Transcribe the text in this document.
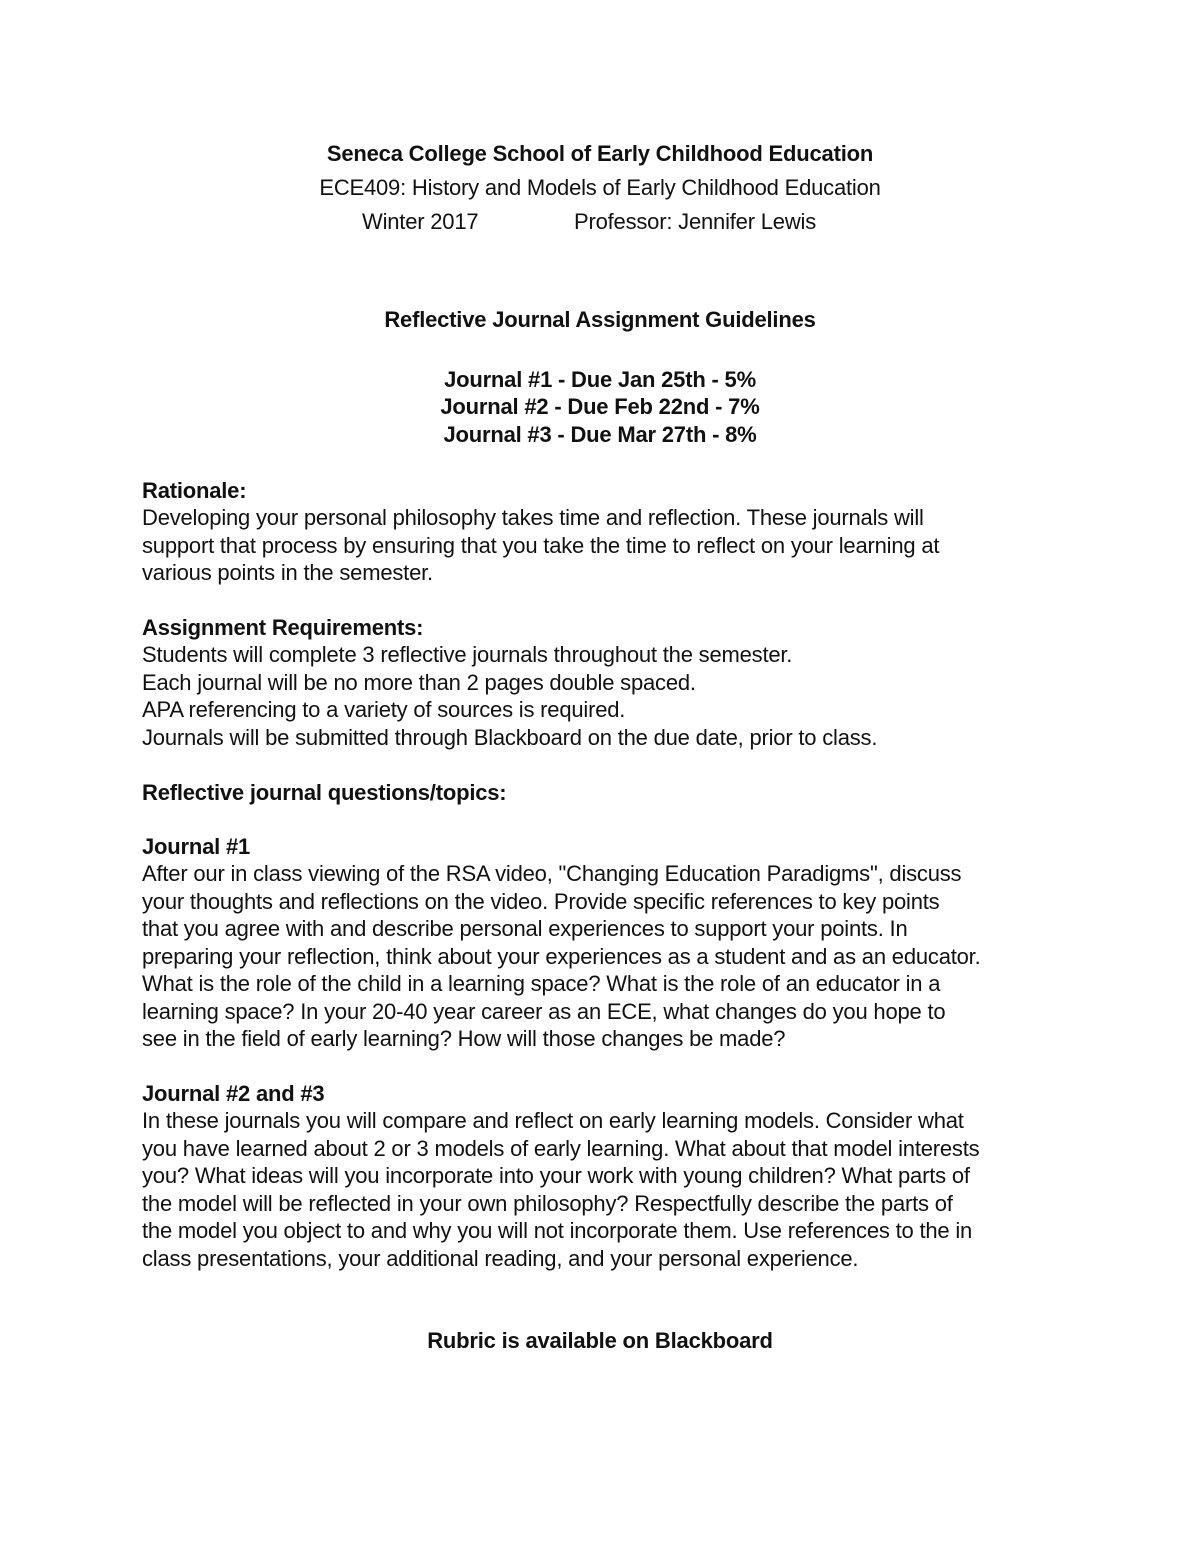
Seneca College School of Early Childhood Education
ECE409: History and Models of Early Childhood Education
Winter 2017	Professor: Jennifer Lewis
Reflective Journal Assignment Guidelines
Journal #1 - Due Jan 25th - 5%
Journal #2 - Due Feb 22nd - 7%
Journal #3 - Due Mar 27th - 8%
Rationale:
Developing your personal philosophy takes time and reflection. These journals will
support that process by ensuring that you take the time to reflect on your learning at
various points in the semester.
Assignment Requirements:
Students will complete 3 reflective journals throughout the semester.
Each journal will be no more than 2 pages double spaced.
APA referencing to a variety of sources is required.
Journals will be submitted through Blackboard on the due date, prior to class.
Reflective journal questions/topics:
Journal #1
After our in class viewing of the RSA video, "Changing Education Paradigms", discuss
your thoughts and reflections on the video. Provide specific references to key points
that you agree with and describe personal experiences to support your points. In
preparing your reflection, think about your experiences as a student and as an educator.
What is the role of the child in a learning space? What is the role of an educator in a
learning space? In your 20-40 year career as an ECE, what changes do you hope to
see in the field of early learning? How will those changes be made?
Journal #2 and #3
In these journals you will compare and reflect on early learning models. Consider what
you have learned about 2 or 3 models of early learning. What about that model interests
you? What ideas will you incorporate into your work with young children? What parts of
the model will be reflected in your own philosophy? Respectfully describe the parts of
the model you object to and why you will not incorporate them. Use references to the in
class presentations, your additional reading, and your personal experience.
Rubric is available on Blackboard
